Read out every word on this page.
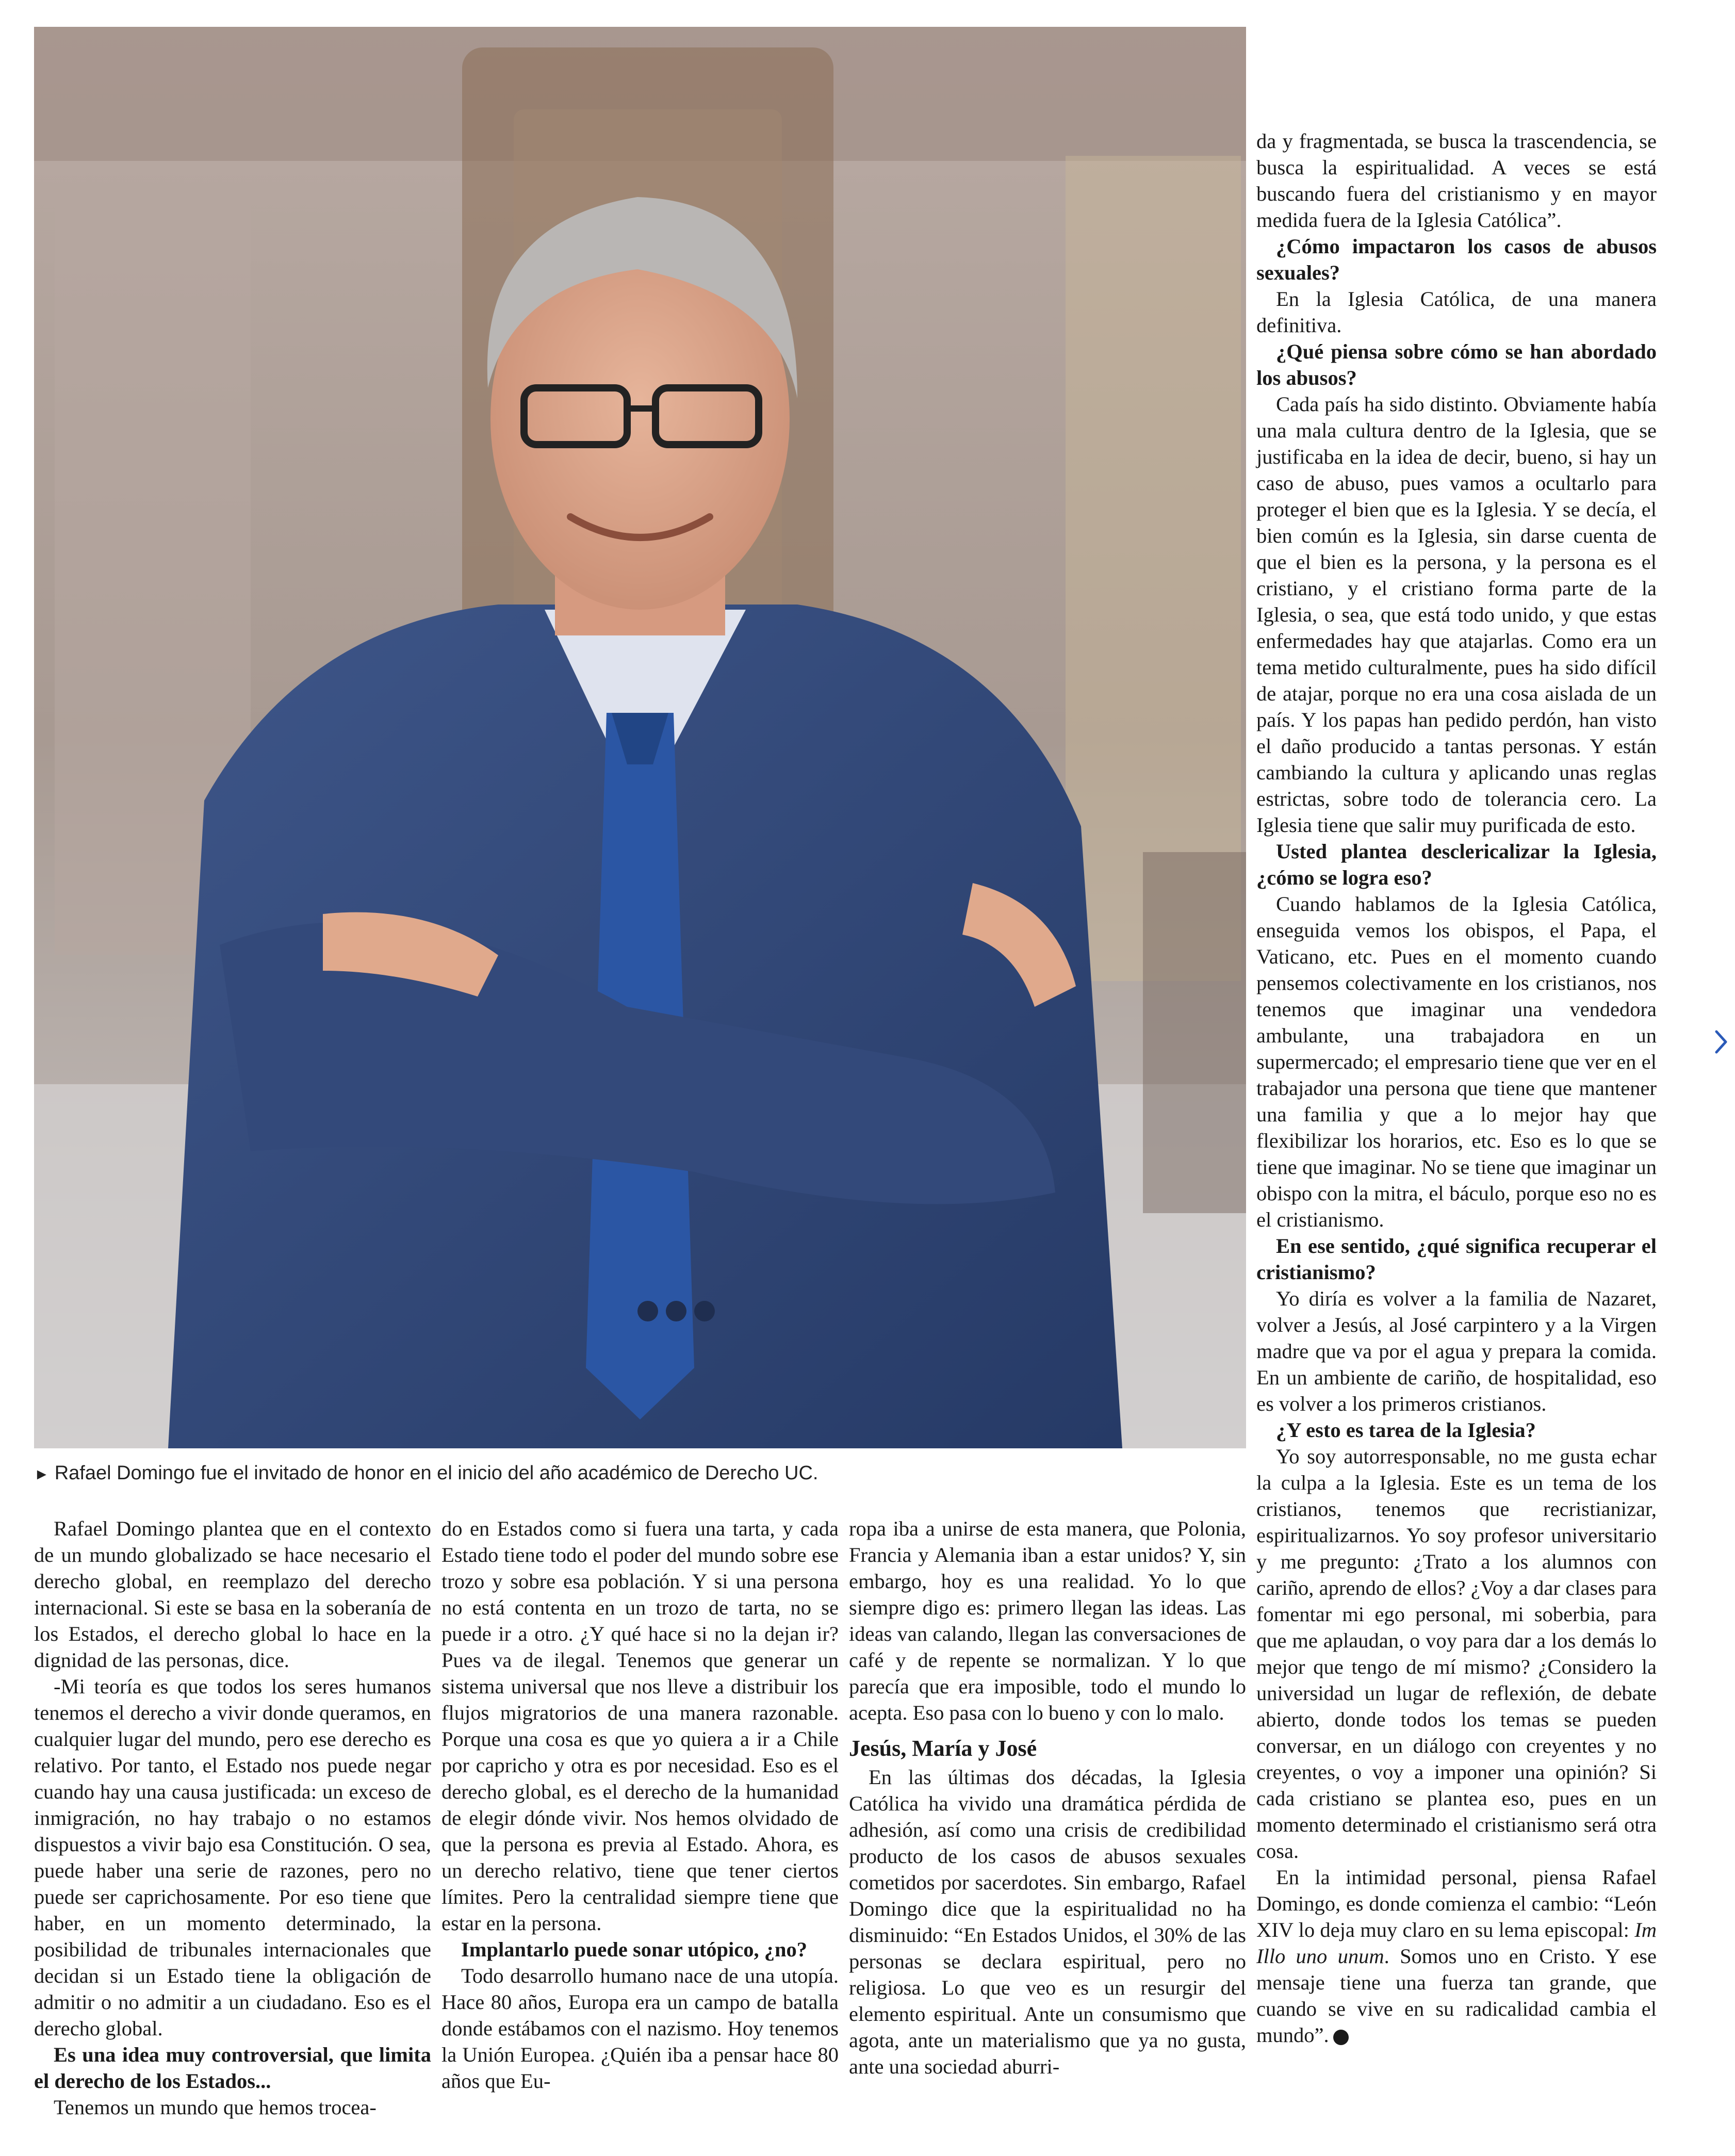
► Rafael Domingo fue el invitado de honor en el inicio del año académico de Derecho UC.

Rafael Domingo plantea que en el contexto de un mundo globalizado se hace necesario el derecho global, en reemplazo del derecho internacional. Si este se basa en la soberanía de los Estados, el derecho global lo hace en la dignidad de las personas, dice.

-Mi teoría es que todos los seres humanos tenemos el derecho a vivir donde queramos, en cualquier lugar del mundo, pero ese derecho es relativo. Por tanto, el Estado nos puede negar cuando hay una causa justificada: un exceso de inmigración, no hay trabajo o no estamos dispuestos a vivir bajo esa Constitución. O sea, puede haber una serie de razones, pero no puede ser caprichosamente. Por eso tiene que haber, en un momento determinado, la posibilidad de tribunales internacionales que decidan si un Estado tiene la obligación de admitir o no admitir a un ciudadano. Eso es el derecho global.

Es una idea muy controversial, que limita el derecho de los Estados...

Tenemos un mundo que hemos trocea-

do en Estados como si fuera una tarta, y cada Estado tiene todo el poder del mundo sobre ese trozo y sobre esa población. Y si una persona no está contenta en un trozo de tarta, no se puede ir a otro. ¿Y qué hace si no la dejan ir? Pues va de ilegal. Tenemos que generar un sistema universal que nos lleve a distribuir los flujos migratorios de una manera razonable. Porque una cosa es que yo quiera a ir a Chile por capricho y otra es por necesidad. Eso es el derecho global, es el derecho de la humanidad de elegir dónde vivir. Nos hemos olvidado de que la persona es previa al Estado. Ahora, es un derecho relativo, tiene que tener ciertos límites. Pero la centralidad siempre tiene que estar en la persona.

Implantarlo puede sonar utópico, ¿no?

Todo desarrollo humano nace de una utopía. Hace 80 años, Europa era un campo de batalla donde estábamos con el nazismo. Hoy tenemos la Unión Europea. ¿Quién iba a pensar hace 80 años que Eu-

ropa iba a unirse de esta manera, que Polonia, Francia y Alemania iban a estar unidos? Y, sin embargo, hoy es una realidad. Yo lo que siempre digo es: primero llegan las ideas. Las ideas van calando, llegan las conversaciones de café y de repente se normalizan. Y lo que parecía que era imposible, todo el mundo lo acepta. Eso pasa con lo bueno y con lo malo.

Jesús, María y José

En las últimas dos décadas, la Iglesia Católica ha vivido una dramática pérdida de adhesión, así como una crisis de credibilidad producto de los casos de abusos sexuales cometidos por sacerdotes. Sin embargo, Rafael Domingo dice que la espiritualidad no ha disminuido: “En Estados Unidos, el 30% de las personas se declara espiritual, pero no religiosa. Lo que veo es un resurgir del elemento espiritual. Ante un consumismo que agota, ante un materialismo que ya no gusta, ante una sociedad aburri-

da y fragmentada, se busca la trascendencia, se busca la espiritualidad. A veces se está buscando fuera del cristianismo y en mayor medida fuera de la Iglesia Católica”.

¿Cómo impactaron los casos de abusos sexuales?

En la Iglesia Católica, de una manera definitiva.

¿Qué piensa sobre cómo se han abordado los abusos?

Cada país ha sido distinto. Obviamente había una mala cultura dentro de la Iglesia, que se justificaba en la idea de decir, bueno, si hay un caso de abuso, pues vamos a ocultarlo para proteger el bien que es la Iglesia. Y se decía, el bien común es la Iglesia, sin darse cuenta de que el bien es la persona, y la persona es el cristiano, y el cristiano forma parte de la Iglesia, o sea, que está todo unido, y que estas enfermedades hay que atajarlas. Como era un tema metido culturalmente, pues ha sido difícil de atajar, porque no era una cosa aislada de un país. Y los papas han pedido perdón, han visto el daño producido a tantas personas. Y están cambiando la cultura y aplicando unas reglas estrictas, sobre todo de tolerancia cero. La Iglesia tiene que salir muy purificada de esto.

Usted plantea desclericalizar la Iglesia, ¿cómo se logra eso?

Cuando hablamos de la Iglesia Católica, enseguida vemos los obispos, el Papa, el Vaticano, etc. Pues en el momento cuando pensemos colectivamente en los cristianos, nos tenemos que imaginar una vendedora ambulante, una trabajadora en un supermercado; el empresario tiene que ver en el trabajador una persona que tiene que mantener una familia y que a lo mejor hay que flexibilizar los horarios, etc. Eso es lo que se tiene que imaginar. No se tiene que imaginar un obispo con la mitra, el báculo, porque eso no es el cristianismo.

En ese sentido, ¿qué significa recuperar el cristianismo?

Yo diría es volver a la familia de Nazaret, volver a Jesús, al José carpintero y a la Virgen madre que va por el agua y prepara la comida. En un ambiente de cariño, de hospitalidad, eso es volver a los primeros cristianos.

¿Y esto es tarea de la Iglesia?

Yo soy autorresponsable, no me gusta echar la culpa a la Iglesia. Este es un tema de los cristianos, tenemos que recristianizar, espiritualizarnos. Yo soy profesor universitario y me pregunto: ¿Trato a los alumnos con cariño, aprendo de ellos? ¿Voy a dar clases para fomentar mi ego personal, mi soberbia, para que me aplaudan, o voy para dar a los demás lo mejor que tengo de mí mismo? ¿Considero la universidad un lugar de reflexión, de debate abierto, donde todos los temas se pueden conversar, en un diálogo con creyentes y no creyentes, o voy a imponer una opinión? Si cada cristiano se plantea eso, pues en un momento determinado el cristianismo será otra cosa.

En la intimidad personal, piensa Rafael Domingo, es donde comienza el cambio: “León XIV lo deja muy claro en su lema episcopal: Im Illo uno unum. Somos uno en Cristo. Y ese mensaje tiene una fuerza tan grande, que cuando se vive en su radicalidad cambia el mundo”.
